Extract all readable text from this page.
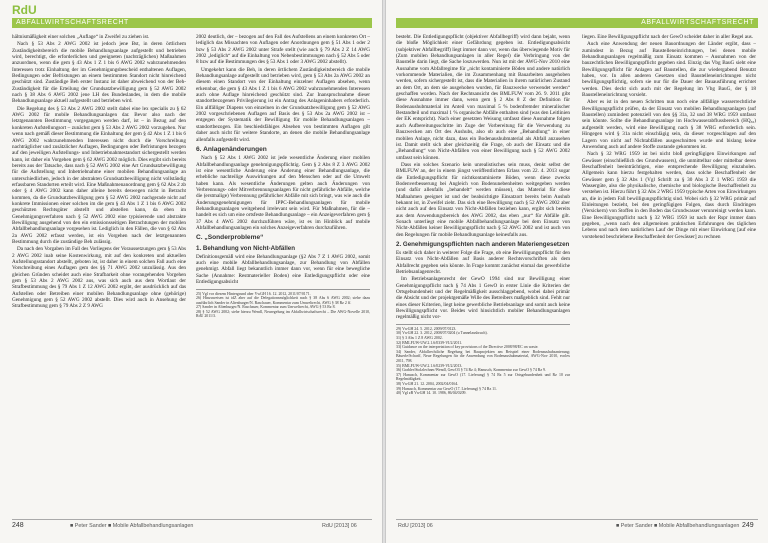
RdU
ABFALLWIRTSCHAFTSRECHT

hältnismäßigkeit einer solchen „Auflage“ in Zweifel zu ziehen ist.

Nach § 53 Abs 2 AWG 2002 ist jedoch jene Bst, in deren örtlichem Zuständigkeitsbereich die mobile Behandlungsanlage aufgestellt und betrieben wird, berechtigt, die erforderlichen und geeigneten (nachträglichen) Maßnahmen anzuordnen, wenn die gem § 43 Abs 1 Z 1 bis 6 AWG 2002 wahrzunehmenden Interessen trotz Einhaltung der im Genehmigungsbescheid enthaltenen Auflagen, Bedingungen oder Befristungen an einem bestimmten Standort nicht hinreichend geschützt sind. Zuständige Beh erster Instanz ist daher abweichend von der Beh-Zuständigkeit für die Erteilung der Grundsatzbewilligung gem § 52 AWG 2002 nach § 38 Abs 6 AWG 2002 jene LH des Bundeslandes, in dem die mobile Behandlungsanlage aktuell aufgestellt und betrieben wird.

Die Regelung des § 53 Abs 2 AWG 2002 stellt dabei eine lex specialis zu § 62 AWG 2002 für mobile Behandlungsanlagen dar. Bevor also nach der letztgenannten Bestimmung vorgegangen werden darf, ist – in Bezug auf den konkreten Aufstellungsort – zunächst gem § 53 Abs 2 AWG 2002 vorzugehen. Nur wenn nach gemäß dieser Bestimmung die Einhaltung der gem § 42 Abs 1 Z 1 bis 6 AWG 2002 wahrzunehmenden Interessen nicht durch die Vorschreibung nachträglicher und zusätzlicher Auflagen, Bedingungen oder Befristungen bezogen auf den jeweiligen Aufstellungs- und Inbetriebnahmestandort sichergestellt werden kann, ist daher ein Vorgehen gem § 62 AWG 2002 möglich. Dies ergibt sich bereits bereits aus der Tatsache, dass nach § 52 AWG 2002 eine Art Grundsatzbewilligung für die Aufstellung und Inbetriebnahme einer mobilen Behandlungsanlage an unterschiedlichen, jedoch in der abstrakten Grundsatzbewilligung nicht vollständig erfassbaren Standorten erteilt wird. Eine Maßnahmenanordnung gem § 62 Abs 2 zb oder § 4 AWG 2002 kann daher alleine bereits deswegen nicht in Betracht kommen, da die Grundsatzbewilligung gem § 52 AWG 2002 nachgerade nicht auf konkrete Immissionen einer solchen im die gem § 43 Abs 1 Z 1 bis 6 AWG 2002 geschützten Rechtsgüter abstellt und abstellen kann, da eben im Genehmigungsverfahren nach § 52 AWG 2002 eine typisierende und abstrakte Bewilligung ausgehend von den ein emissionsseitigen Betrachtungen der mobilen Abfallbehandlungsanlage vorgesehen ist. Lediglich in den Fällen, die von § 62 Abs 2a AWG 2002 erfasst werden, ist ein Vorgehen nach der letztgenannten Bestimmung durch die zuständige Beh zulässig.

Da nach den Vorgaben im Fall des Vorliegens der Voraussetzungen gem § 53 Abs 2 AWG 2002 inab seine Kostenwirkung, mit auf den konkreten und aktuellen Aufstellungsstandort abstellt, geboten ist, ist daher in einem solchen Fall auch eine Vorschreibung eines Auflagen gem des §§ 71 AWG 2002 unzulässig. Aus den gleichen Gründen scheidet auch eine Strafbarkeit ohne vorangehenden Vorgehen gem § 53 Abs 2 AWG 2002 aus, was sich auch aus dem Wortlaut der Strafbestimmung des § 79 Abs 1 Z 12 AWG 2002 ergibt, der ausdrücklich auf das Aufstellen oder Betreiben einer mobilen Behandlungsanlage ohne (gehörige) Genehmigung gem § 52 AWG 2002 abstellt. Dies wird auch in Ansehung der Strafbestimmung gem § 79 Abs 2 Z 9 AWG

2002 deutlich, der – bezogen auf den Fall des Aufstellens an einem konkreten Ort – lediglich das Missachten von Auflagen oder Anordnungen gem § 51 Abs 1 oder 2 bzw § 53 Abs 2 AWG 2002 unter Strafe stellt (wie auch § 79 Abs 2 Z 14 AWG 2002 „lediglich“ auf die Einhaltung von Nebenbestimmungen nach § 52 Abs 5 oder 8 bzw auf die Bestimmungen des § 53 Abs 1 oder 3 AWG 2002 abstellt).

Umgekehrt kann die Beh, in deren örtlichem Zuständigkeitsbereich die mobile Behandlungsanlage aufgestellt und betrieben wird, gem § 53 Abs 2a AWG 2002 an diesem einen Standort von der Einhaltung einzelner Auflagen absehen, wenn erkennbar, die gem § 43 Abs 1 Z 1 bis 6 AWG 2002 wahrzunehmenden Interessen auch ohne Auflage hinreichend geschützt sind. Zur Inanspruchnahme dieser standortbezogenen Privilegierung ist ein Antrag des Anlageninhabers erforderlich. Ein allfälliger Diapens von einzelnen in der Grundsatzbewilligung gem § 52 AWG 2002 vorgeschriebenen Auflagen auf Basis des § 53 Abs 2a AWG 2002 ist – entgegen der Systematik der Bewilligung für mobile Behandlungsanlagen – standortbezogen. Ein beschiedsfähiges Absehen von bestimmten Auflagen gilt daher auch nicht für weitere Standorte, an denen die mobile Behandlungsanlage allenfalls aufgestellt wird.

6. Anlagenänderungen

Nach § 52 Abs 1 AWG 2002 ist jede wesentliche Änderung einer mobilen Abfallbehandlungsanlage genehmigungspflichtig. Gem § 2 Abs 8 Z 3 AWG 2002 ist eine wesentliche Änderung eine Änderung einer Behandlungsanlage, die erhebliche nachteilige Auswirkungen auf den Menschen oder auf die Umwelt haben kann. Als wesentliche Änderungen gelten auch Änderungen von Verbrennungs- oder Mitverbrennungsanlagen für nicht gefährliche Abfälle, welche die (erstmalige) Verbrennung gefährlicher Abfälle mit sich bringt, was wie auch die Änderungsgenehmigungen für IPPC-Behandlungsanlagen für mobile Behandlungsanlagen weitgehend irrelevant sein wird. Für Maßnahmen, für die – handelt es sich um eine ortsfeste Behandlungsanlage – ein Anzeigeverfahren gem § 37 Abs 4 AWG 2002 durchzuführen wäre, ist es im Hinblick auf mobile Abfallbehandlungsanlagen ein solches Anzeigeverfahren durchzuführen.

C. „Sonderprobleme“
1. Behandlung von Nicht-Abfällen

Definitionsgemäß wird eine Behandlungsanlage (§2 Abs 7 Z 1 AWG 2002, somit auch eine mobile Abfallbehandlungsanlage, zur Behandlung von Abfällen genehmigt. Abfall liegt bekanntlich immer dann vor, wenn für eine bewegliche Sache (Annahme: Restmaterieller Boden) eine Entledigungspflicht oder eine Entledigungsabsicht

25) Vgl vor diesem Hintergrund aber VwGH 16. 12. 2012, 2011/07/0171.

26) Hinzuweisen ist idZ aber auf die Delegationsmöglichkeit nach § 38 Abs 6 AWG 2002; siehe dazu ausführlich Sander in Altenburger/N. Raschauer, Kommentar zum Umweltrecht, AWG § 38 Rz 2 ff.

27) Sander in Altenburger/N. Raschauer, Kommentar zum Umweltrecht, AWG § 53 Rz 8.

28) § 52 AWG 2002; siehe hierzu Wendl, Neuregelung im Abfallwirtschaftsrecht – Die AWG-Novelle 2010, RdU 2011/3.

248	■ Peter Sander ■ Mobile Abfallbehandlungsanlagen	RdU [2013] 06
ABFALLWIRTSCHAFTSRECHT

besteht. Die Entledigungspflicht (objektiver Abfallbegriff) wird dann bejaht, wenn die bloße Möglichkeit einer Gefährdung gegeben ist. Entledigungsabsicht (subjektiver Abfallbegriff) liegt immer dann vor, wenn das überwiegende Motiv für (Zum mobilen Behandlungsanlagen in aller Regel) die Verbringung von der Baustelle darin liegt, die Sache loszuwerden. Nun ist mit der AWG-Nov 2010 eine Ausnahme vom Abfallregime für „nicht kontaminierte Böden und andere natürlich vorkommende Materialien, die im Zusammenhang mit Bauarbeiten ausgehoben werden, sofern sichergestellt ist, dass die Materialien in ihrem natürlichen Zustand an dem Ort, an dem sie ausgehoben wurden, für Bauzwecke verwendet werden“ geschaffen worden. Nach der Rechtsansicht des BMLFUW vom 26. 9. 2011 gibt diese Ausnahme immer dann, wenn gem § 2 Abs 8 Z der Definition für Bodenaushubmaterial im Anteil von maximal 5 % bodenfremder mineralischer Bestandteil und maximal 1 % organische Abfälle enthalten sind (was den Leitlinien der EK entspricht). Nach einer gesetzten Weisung umfasst diese Ausnahme folgen auch Aufbereitungsschritte im Zuge der Vorbereitung für die Verwendung zu Bauzwecken am Ort des Aushubs, also ob auch eine „Behandlung“ in einer mobilen Anlage, nicht dazu, dass ein Bodenaushubmaterial als Abfall anzusehen ist. Damit stellt sich aber gleichzeitig die Frage, ob auch der Einsatz und die „Behandlung“ von Nicht-Abfällen von einer Bewilligung nach § 52 AWG 2002 umfasst sein können.

Dass ein solches Szenario kein unrealistisches sein muss, denkt selbst der BMLFUW an, der in einem jüngst veröffentlichten Erlass vom 22. 4. 2013 sogar die Entledigungspflicht für nichtkontaminierte Böden, wenn diese zwecks Bodenverbesserung bei Angleich von Bodenunebenheiten weitgegeben werden (und dafür allenfalls „behandelt“ werden müssen), das Material für diese Maßnahmen geeignet ist und der beabsichtigte Einsatzort bereits beim Aushub bekannt ist, in Zweifel zieht. Das sich eine Bewilligung nach § 52 AWG 2002 aber nicht auch auf den Einsatz von Nicht-Abfällen beziehen kann, ergibt sich bereits aus dem Anwendungsbereich des AWG 2002, das eben „nur“ für Abfälle gilt. Sonach unterliegt eine mobile Abfallbehandlungsanlage bei dem Einsatz von Nicht-Abfällen keiner Bewilligungspflicht nach § 52 AWG 2002 und ist auch von den Regelungen für mobile Behandlungsanlage keinesfalls aus.

2. Genehmigungspflichten nach anderen Materiengesetzen

Es stellt sich daher in weiterer Folge die Frage, ob eine Bewilligungspflicht für den Einsatz von Nicht-Abfällen auf Basis anderer Rechtsvorschriften als dem Abfallrecht gegeben sein könnte. In Frage kommt zunächst einmal das gewerbliche Betriebsanlagenrecht.

Im Betriebsanlagenrecht der GewO 1994 sind nur Bewilligung einer Genehmigungspflicht nach § 74 Abs 1 GewO in erster Linie die Kriterien der Ortsgebundenheit und der Regelmäßigkeit ausschlaggebend, wobei dabei primär die Absicht und der projektgemäße Wille des Betreibers maßgeblich sind. Fehlt nur eines dieser Kriterien, liegt keine gewerbliche Betriebsanlage und somit auch keine Bewilligungspflicht vor. Beides wird hinsichtlich mobiler Behandlungsanlagen regelmäßig nicht vor-

29) VwGH 24. 5. 2012, 2009/07/0123.

30) VwGH 22. 3. 2012, 2008/07/0204 (u Tunnelausbruch).

31) § 3 Abs 1 Z 8 AWG 2002.

32) BMLFUW-UW.2.1.6/0339-VI/2/2011.

33) Guidance on the interpretation of key provisions of the Directive 2008/98/EC on waste.

34) Sander, Abfallrechtliche Regelung bei Bauprojekten am Beispiel einer Bodenaushubsanierung; Bäuerle/Scharff, Neue Regelungen für die Anwendung von Bodenaushubmaterial, AWG-Nov 2010, ecolex 2011, 798.

35) BMLFUW-UW.2.1.6/0239-VI/2/2013.

36) Grabler/Stolzlechner/Wendl, GewO3 § 74 Rz 4; Hanusch, Kommentar zur GewO § 74 Rz 9.

37) Hanusch, Kommentar zur GewO (17. Lieferung) § 74 Rz 5 zur Ortsgebundenheit und Rz 10 zur Regelmäßigkeit.

38) VwGH 21. 12. 2004, 2002/04/0164.

39) Hanusch, Kommentar zur GewO (17. Lieferung) § 74 Rz 11.

40) Vgl zB VwGH 14. 10. 1986, 86/04/0209.

liegen. Eine Bewilligungspflicht nach der GewO scheidet daher in aller Regel aus.

Auch eine Anwendung der neuen Bauordnungen der Länder ergibt, dass – zumindest in Bezug auf Baustelleneinrichtungen, bei denen mobile Behandlungsanlagen regelmäßig zum Einsatz kommen – Ausnahmen von der bauzechtlichen Bewilligungspflicht gegeben sind. Einzig das Vbg BauG sieht eine Bewilligungspflicht für Anlagen auf Baustellen, die zur wiedergabend Benutzt haben, vor. In allen anderen Gesetzen sind Baustelleneinrichtungen nicht bewilligungspflichtig, sofern sie nur für die Dauer der Bauausführung errichtet werden. Dies deckt sich auch mit der Regelung im Vbg BauG, der § 18 Baustelleneinrichtung vorsieht.

Aber es ist in den neuen Schritten nun noch eine allfällige wasserrechtliche Bewilligungspflicht prüfen, da der Einsatz von mobilen Behandlungsanlagen (auf Baustellen) zumindest potenziell von den §§ 31a, 32 und 38 WRG 1959 umfasst sein könnte. Sollte die Behandlungsanlage im Hochwasserabflussbereich (HQ₃₀) aufgestellt werden, wird eine Bewilligung nach § 38 WRG erforderlich sein. Hingegen wird § 31a nicht einschlägig sein, da dieser vorgeschlagen auf den Lagern von nicht auf Nichtabfällen ausgeschnitten wurde und bislang keine Anwendung auch auf andere Stoffe zustande gekommen ist.

Nach § 32 WRG 1959 ist bei nicht bloß geringfügigen Einwirkungen auf Gewässer (einschließlich des Grundwassers), die unmittelbar oder mittelbar deren Beschaffenheit beeinträchtigen, eine entsprechende Bewilligung einzuholen. Allgemein kann hierzu festgehalten werden, dass solche Beschaffenheit der Gewässer gem § 32 Abs 1 (Vgl Schrift zu § 30 Abs 3 Z 1 WRG 1959 die Wassergüte, also die physikalische, chemische und biologische Beschaffenheit zu verstehen ist. Hierzu führt § 32 Abs 2 WRG 1959 typische Arten von Einwirkungen an, die in jedem Fall bewilligungspflichtig sind. Wobei sich § 32 WRG primär auf Einleitungen bezieht, bei den geringfügigen Folgen, dass durch Eindringen (Versickern) von Stoffen in den Boden das Grundwasser verunreinigt werden kann. Eine Bewilligungspflicht nach § 32 WRG 1959 ist nach der Rspr immer dann gegeben, „wenn nach den allgemeinen praktischen Erfahrungen des täglichen Lebens und nach dem natürlichen Lauf der Dinge mit einer Einwirkung [auf eine vorstehend beschriebene Beschaffenheit der Gewässer] zu rechnen

RdU [2013] 06	■ Peter Sander ■ Mobile Abfallbehandlungsanlagen 249
